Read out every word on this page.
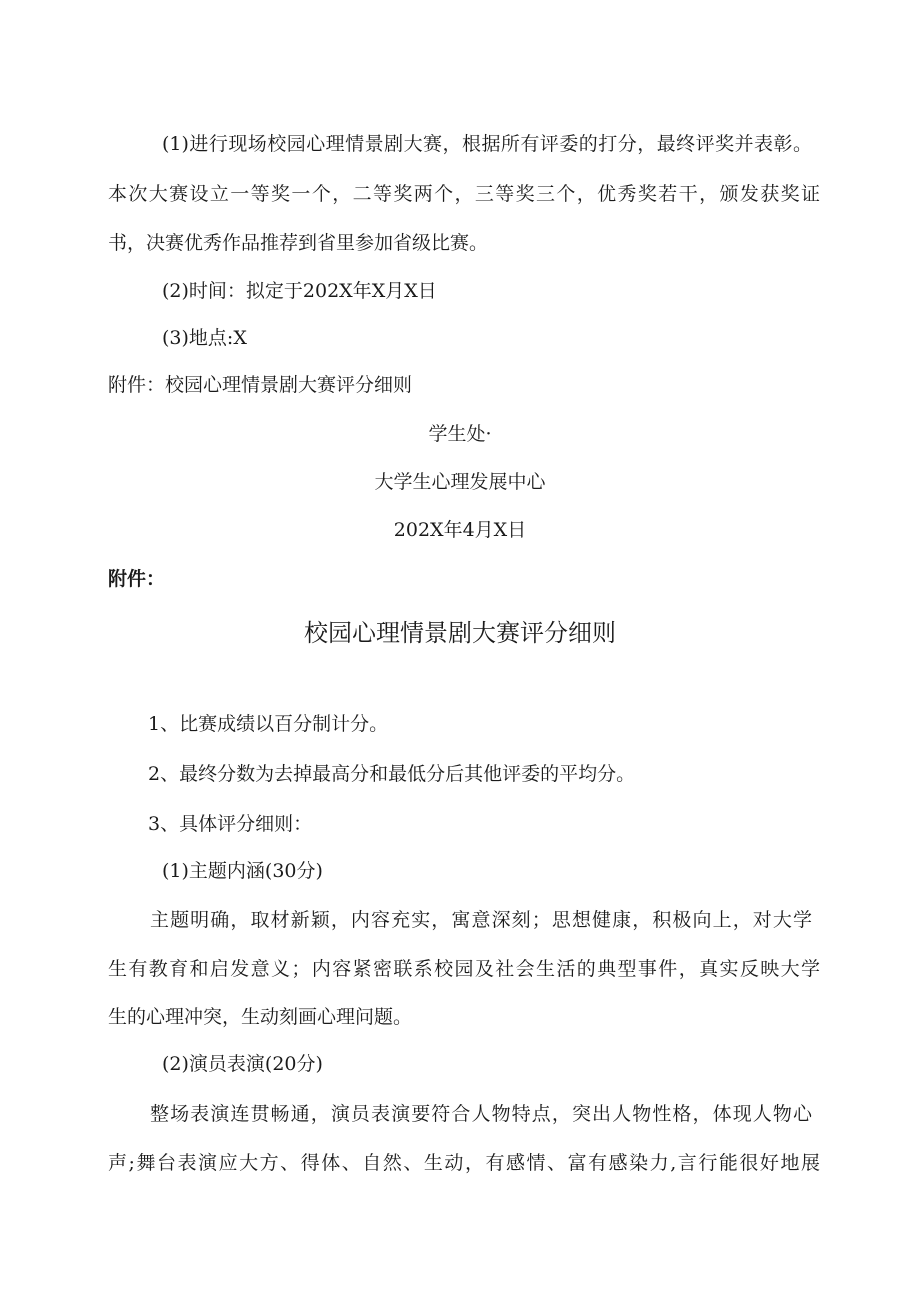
(1)进行现场校园心理情景剧大赛，根据所有评委的打分，最终评奖并表彰。

本次大赛设立一等奖一个，二等奖两个，三等奖三个，优秀奖若干，颁发获奖证

书，决赛优秀作品推荐到省里参加省级比赛。

(2)时间：拟定于202X年X月X日

(3)地点:X

附件：校园心理情景剧大赛评分细则

学生处·

大学生心理发展中心

202X年4月X日

附件：

校园心理情景剧大赛评分细则

1、比赛成绩以百分制计分。

2、最终分数为去掉最高分和最低分后其他评委的平均分。

3、具体评分细则：

(1)主题内涵(30分)

主题明确，取材新颖，内容充实，寓意深刻；思想健康，积极向上，对大学

生有教育和启发意义；内容紧密联系校园及社会生活的典型事件，真实反映大学

生的心理冲突，生动刻画心理问题。

(2)演员表演(20分)

整场表演连贯畅通，演员表演要符合人物特点，突出人物性格，体现人物心

声;舞台表演应大方、得体、自然、生动，有感情、富有感染力,言行能很好地展
